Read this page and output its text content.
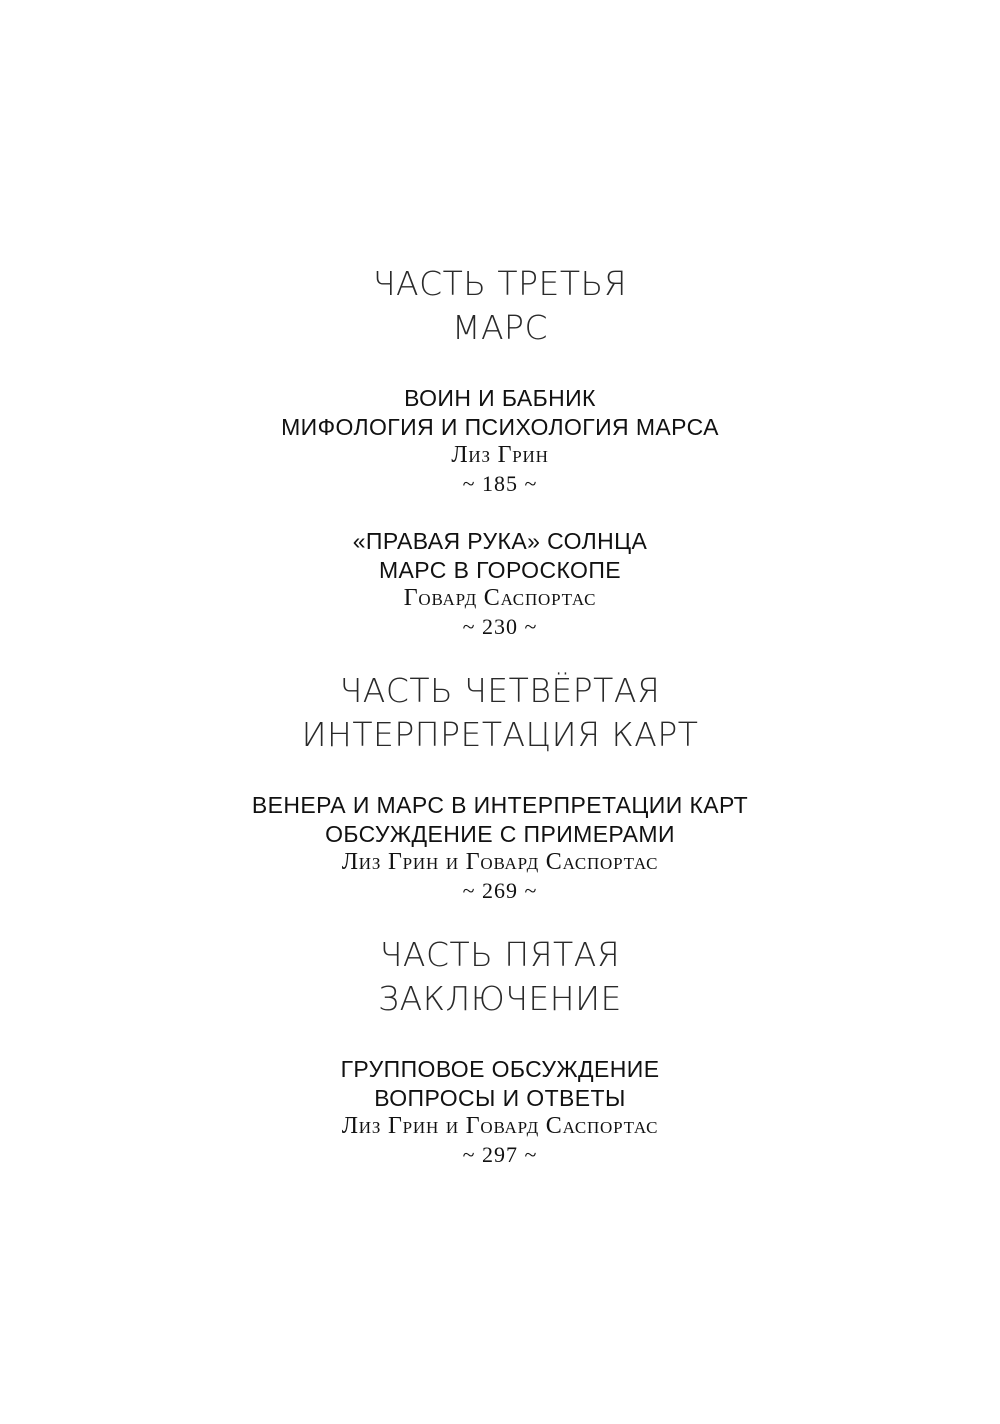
ЧАСТЬ ТРЕТЬЯ
МАРС
ВОИН И БАБНИК
МИФОЛОГИЯ И ПСИХОЛОГИЯ МАРСА
Лиз Грин
~ 185 ~
«ПРАВАЯ РУКА» СОЛНЦА
МАРС В ГОРОСКОПЕ
Говард Саспортас
~ 230 ~
ЧАСТЬ ЧЕТВЁРТАЯ
ИНТЕРПРЕТАЦИЯ КАРТ
ВЕНЕРА И МАРС В ИНТЕРПРЕТАЦИИ КАРТ
ОБСУЖДЕНИЕ С ПРИМЕРАМИ
Лиз Грин и Говард Саспортас
~ 269 ~
ЧАСТЬ ПЯТАЯ
ЗАКЛЮЧЕНИЕ
ГРУППОВОЕ ОБСУЖДЕНИЕ
ВОПРОСЫ И ОТВЕТЫ
Лиз Грин и Говард Саспортас
~ 297 ~
